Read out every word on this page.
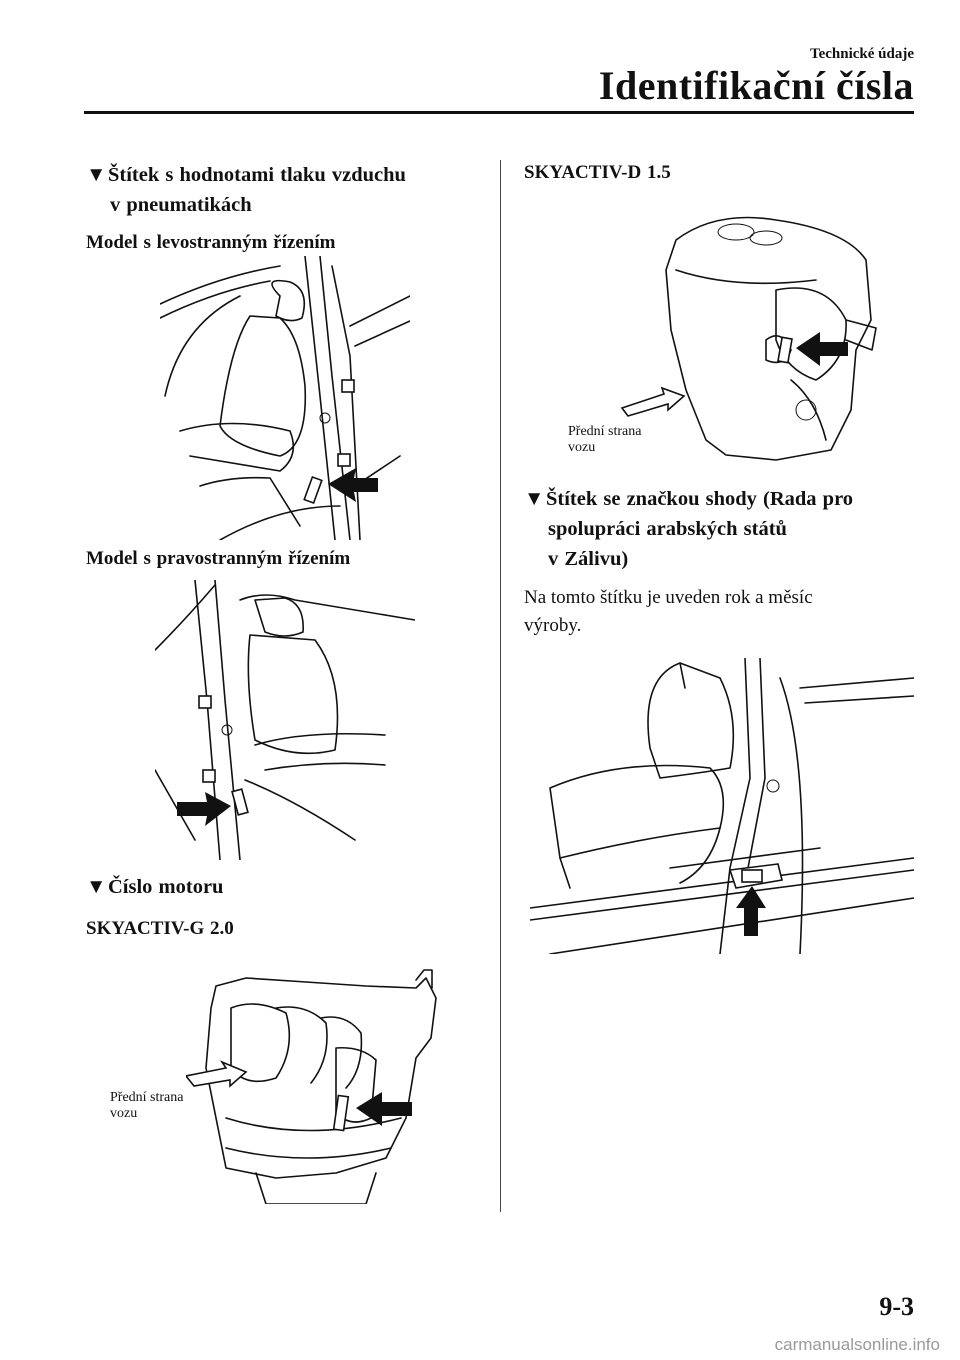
Technické údaje
Identifikační čísla
▼Štítek s hodnotami tlaku vzduchu
v pneumatikách
Model s levostranným řízením
Model s pravostranným řízením
▼Číslo motoru
SKYACTIV-G 2.0
Přední strana
vozu
SKYACTIV-D 1.5
Přední strana
vozu
▼Štítek se značkou shody (Rada pro
spolupráci arabských států
v Zálivu)
Na tomto štítku je uveden rok a měsíc
výroby.
9-3
carmanualsonline.info
